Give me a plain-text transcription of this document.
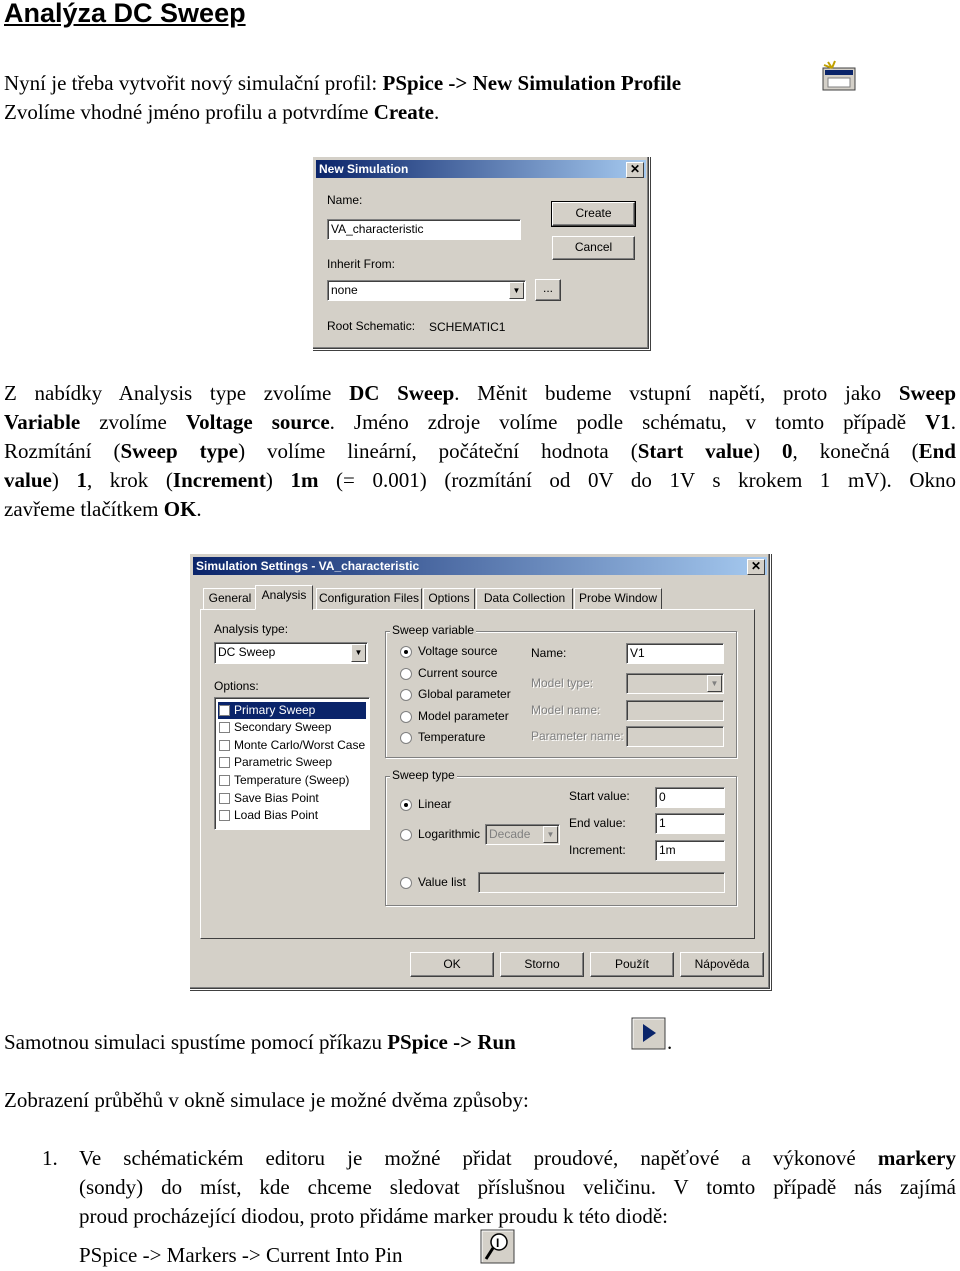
Analýza DC Sweep
Nyní je třeba vytvořit nový simulační profil: PSpice -> New Simulation Profile
Zvolíme vhodné jméno profilu a potvrdíme Create.
New Simulation	✕
Name:
VA_characteristic
Inherit From:
none	▼	...
Root Schematic: SCHEMATIC1
Create
Cancel
Z nabídky Analysis type zvolíme DC Sweep. Měnit budeme vstupní napětí, proto jako Sweep
Variable zvolíme Voltage source. Jméno zdroje volíme podle schématu, v tomto případě V1.
Rozmítání (Sweep type) volíme lineární, počáteční hodnota (Start value) 0, konečná (End
value) 1, krok (Increment) 1m (= 0.001) (rozmítání od 0V do 1V s krokem 1 mV). Okno
zavřeme tlačítkem OK.
Simulation Settings - VA_characteristic	✕
General Analysis	Configuration Files Options	Data Collection	Probe Window
Analysis type:
DC Sweep	▼
Options:
Primary Sweep
Secondary Sweep
Monte Carlo/Worst Case
Parametric Sweep
Temperature (Sweep)
Save Bias Point
Load Bias Point
Sweep variable
Voltage source
Current source
Global parameter
Model parameter
Temperature
Name:	V1
Model type:	▼
Model name:
Parameter name:
Sweep type
Linear
Logarithmic Decade	▼
Start value:	0
End value:	1
Increment:	1m
Value list
OK	Storno	Použít	Nápověda
Samotnou simulaci spustíme pomocí příkazu PSpice -> Run	.
Zobrazení průběhů v okně simulace je možné dvěma způsoby:
1. Ve schématickém editoru je možné přidat proudové, napěťové a výkonové markery
(sondy) do míst, kde chceme sledovat příslušnou veličinu. V tomto případě nás zajímá
proud procházející diodou, proto přidáme marker proudu k této diodě:
PSpice -> Markers -> Current Into Pin	I
